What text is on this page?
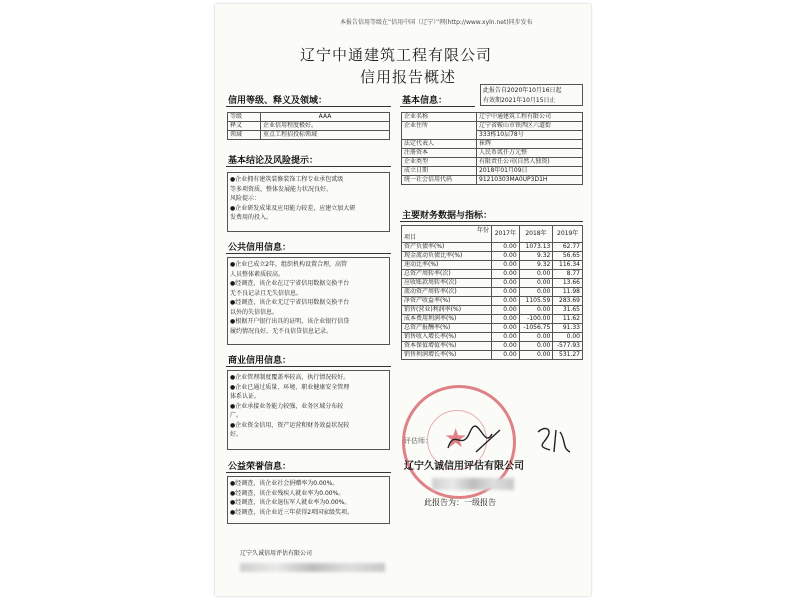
本报告信用等级在“信用中国（辽宁）”网(http://www.xyln.net)同步发布
辽宁中通建筑工程有限公司
信用报告概述
信用等级、释义及领域：
等级	AAA
释义	企业信用程度极好。
领域	重点工程招投标领域
基本结论及风险提示：

●企业拥有建筑装修装饰工程专业承包贰级

等多项资质，整体发展能力状况良好。

风险提示：

●企业研发成果及应用能力较差，应建立加大研

发费用的投入。

公共信用信息：

●企业已成立2年，组织机构设置合理，高管

人员整体素质较高。

●经调查，该企业在辽宁省信用数据交换平台

无不良记录且无失信信息。

●经调查，该企业无辽宁省信用数据交换平台

以外的失信信息。

●根据开户银行出具的证明，该企业银行信贷

履约情况良好，无不良信贷信息记录。

商业信用信息：

●企业管理制度覆盖率较高，执行情况较好。

●企业已通过质量、环境、职业健康安全管理

体系认证。

●企业承接业务能力较强，业务区域分布较

广。

●企业资金信用、资产运营和财务效益状况较

好。

公益荣誉信息：

●经调查，该企业社会捐赠率为0.00%。

●经调查，该企业残疾人就业率为0.00%。

●经调查，该企业退伍军人就业率为0.00%。

●经调查，该企业近三年获得2项国家级奖项。

辽宁久诚信用评估有限公司
基本信息：
此报告自2020年10月16日起
有效期2021年10月15日止
企业名称	辽宁中通建筑工程有限公司
企业住所	辽宁省鞍山市铁西区六道街
	333栋10层78号
法定代表人	崔辉
注册资本	人民币贰仟万元整
企业类型	有限责任公司(自然人独资)
成立日期	2018年01月09日
统一社会信用代码	91210303MA0UP3D1H
主要财务数据与指标：
年份
项目	2017年	2018年	2019年
资产负债率(%)	0.00	1073.13	62.77
现金流动负债比率(%)	0.00	9.32	56.65
速动比率(%)	0.00	9.32	116.34
总资产周转率(次)	0.00	0.00	8.77
应收账款周转率(次)	0.00	0.00	13.66
流动资产周转率(次)	0.00	0.00	11.98
净资产收益率(%)	0.00	1105.59	283.69
销售(营业)利润率(%)	0.00	0.00	31.65
成本费用利润率(%)	0.00	-100.00	11.62
总资产报酬率(%)	0.00	-1056.75	91.33
销售收入增长率(%)	0.00	0.00	0.00
资本保值增值率(%)	0.00	0.00	-577.93
销售利润增长率(%)	0.00	0.00	531.27
★
评估师：
辽宁久诚信用评估有限公司
此报告为：一级报告
